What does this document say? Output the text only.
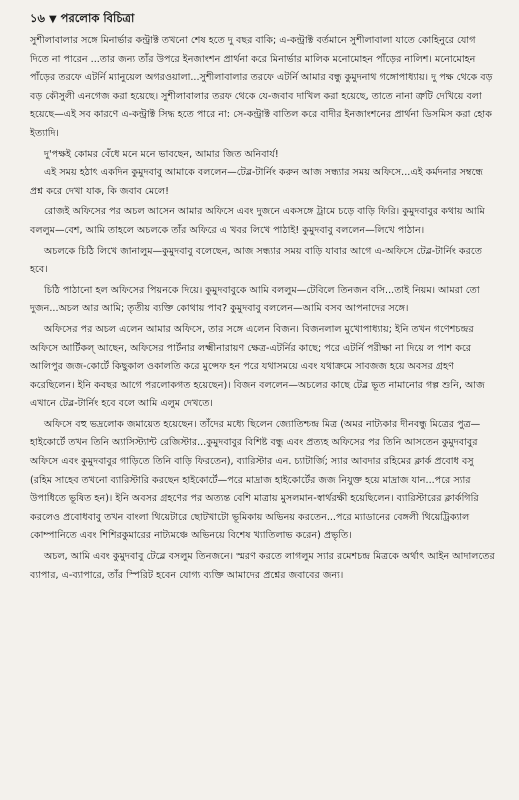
১৬ ▼ পরলোক বিচিত্রা

সুশীলাবালার সঙ্গে মিনার্ভার কন্ট্রাক্ট তখনো শেষ হতে দু বছর বাকি; এ-কন্ট্রাক্ট বর্তমানে সুশীলাবালা যাতে কোহিনুরে যোগ দিতে না পারেন ...তার জন্য তাঁর উপরে ইনজাংশন প্রার্থনা করে মিনার্ভার মালিক মনোমোহন পাঁড়ের নালিশ। মনোমোহন পাঁড়ের তরফে এটর্নি ম্যানুয়েল অগরওয়ালা...সুশীলাবালার তরফে এটর্নি আমার বন্ধু কুমুদনাথ গঙ্গোপাধ্যায়। দু পক্ষ থেকে বড় বড় কৌসুলী এনগেজ করা হয়েছে। সুশীলাবালার তরফ থেকে যে-জবাব দাখিল করা হয়েছে, তাতে নানা ত্রুটি দেখিয়ে বলা হয়েছে—এই সব কারণে এ-কন্ট্রাক্ট সিদ্ধ হতে পারে না: সে-কন্ট্রাক্ট বাতিল করে বাদীর ইনজাংশনের প্রার্থনা ডিসমিস করা হোক ইত্যাদি।

দু'পক্ষই কোমর বেঁধে মনে মনে ভাবছেন, আমার জিত অনিবার্য!

এই সময় হঠাৎ একদিন কুমুদবাবু আমাকে বললেন—টেব্ল-টার্নিং করুন আজ সন্ধ্যার সময় অফিসে...এই কর্মদনার সম্বন্ধে প্রশ্ন করে দেখা যাক, কি জবাব মেলে!

রোজই অফিসের পর অচল আসেন আমার অফিসে এবং দুজনে একসঙ্গে ট্রামে চড়ে বাড়ি ফিরি। কুমুদবাবুর কথায় আমি বললুম—বেশ, আমি তাহলে অচলকে তাঁর অফিরে এ খবর লিখে পাঠাই! কুমুদবাবু বললেন—লিখে পাঠান।

অচলকে চিঠি লিখে জানালুম—কুমুদবাবু বলেছেন, আজ সন্ধ্যার সময় বাড়ি যাবার আগে এ-অফিসে টেব্ল-টার্নিং করতে হবে।

চিঠি পাঠানো হল অফিসের পিয়নকে দিয়ে। কুমুদবাবুকে আমি বললুম—টেবিলে তিনজন বসি...তাই নিয়ম। আমরা তো দুজন...অচল আর আমি; তৃতীয় ব্যক্তি কোথায় পাব? কুমুদবাবু বললেন—আমি বসব আপনাদের সঙ্গে।

অফিসের পর অচল এলেন আমার অফিসে, তার সঙ্গে এলেন বিজন। বিজনলাল মুখোপাধ্যায়; ইনি তখন গণেশচন্দ্রর অফিসে আর্টিকল্ আছেন, অফিসের পার্টনার লক্ষ্মীনারায়ণ ক্ষেত্র-এটর্নির কাছে; পরে এটর্নি পরীক্ষা না দিয়ে ল পাশ করে আলিপুর জজ-কোর্টে কিছুকাল ওকালতি করে মুন্সেফ হন পরে যথাসময়ে এবং যথাক্রমে সাবজজ হয়ে অবসর গ্রহণ করেছিলেন। ইনি কবছর আগে পরলোকগত হয়েছেন)। বিজন বললেন—অচলের কাছে টেব্ল ভূত নামানোর গল্প শুনি, আজ এখানে টেব্ল-টার্নিং হবে বলে আমি এলুম দেখতে।

অফিসে বহু ভদ্রলোক জমায়েত হয়েছেন। তাঁদের মধ্যে ছিলেন জ্যোতিশ্চন্দ্র মিত্র (অমর নাট্যকার দীনবন্ধু মিত্রের পুত্র—হাইকোর্টে তখন তিনি অ্যাসিস্ট্যান্ট রেজিস্টার...কুমুদবাবুর বিশিষ্ট বন্ধু এবং প্রত্যহ অফিসের পর তিনি আসতেন কুমুদবাবুর অফিসে এবং কুমুদবাবুর গাড়িতে তিনি বাড়ি ফিরতেন), ব্যারিস্টার এন. চ্যাটার্জি; স্যার আবদার রহিমের ক্লার্ক প্রবোধ বসু (রহিম সাহেব তখনো ব্যারিস্টারি করছেন হাইকোর্টে—পরে মাদ্রাজ হাইকোর্টের জজ নিযুক্ত হয়ে মাদ্রাজ যান...পরে স্যার উপাধিতে ভূষিত হন)। ইনি অবসর গ্রহণের পর অত্যন্ত বেশি মাত্রায় মুসলমান-স্বার্থরক্ষী হয়েছিলেন। ব্যারিস্টারের ক্লার্কগিরি করলেও প্রবোধবাবু তখন বাংলা থিয়েটারে ছোটখাটো ভূমিকায় অভিনয় করতেন...পরে ম্যাডানের বেঙ্গলী থিয়েট্রিক্যাল কোম্পানিতে এবং শিশিরকুমারের নাট্যমঞ্চে অভিনয়ে বিশেষ খ্যাতিলাভ করেন) প্রভৃতি।

অচল, আমি এবং কুমুদবাবু টেব্লে বসলুম তিনজনে। স্মরণ করতে লাগলুম স্যার রমেশচন্দ্র মিত্রকে অর্থাৎ আইন আদালতের ব্যাপার, এ-ব্যাপারে, তাঁর স্পিরিট হবেন যোগ্য ব্যক্তি আমাদের প্রশ্নের জবাবের জন্য।
